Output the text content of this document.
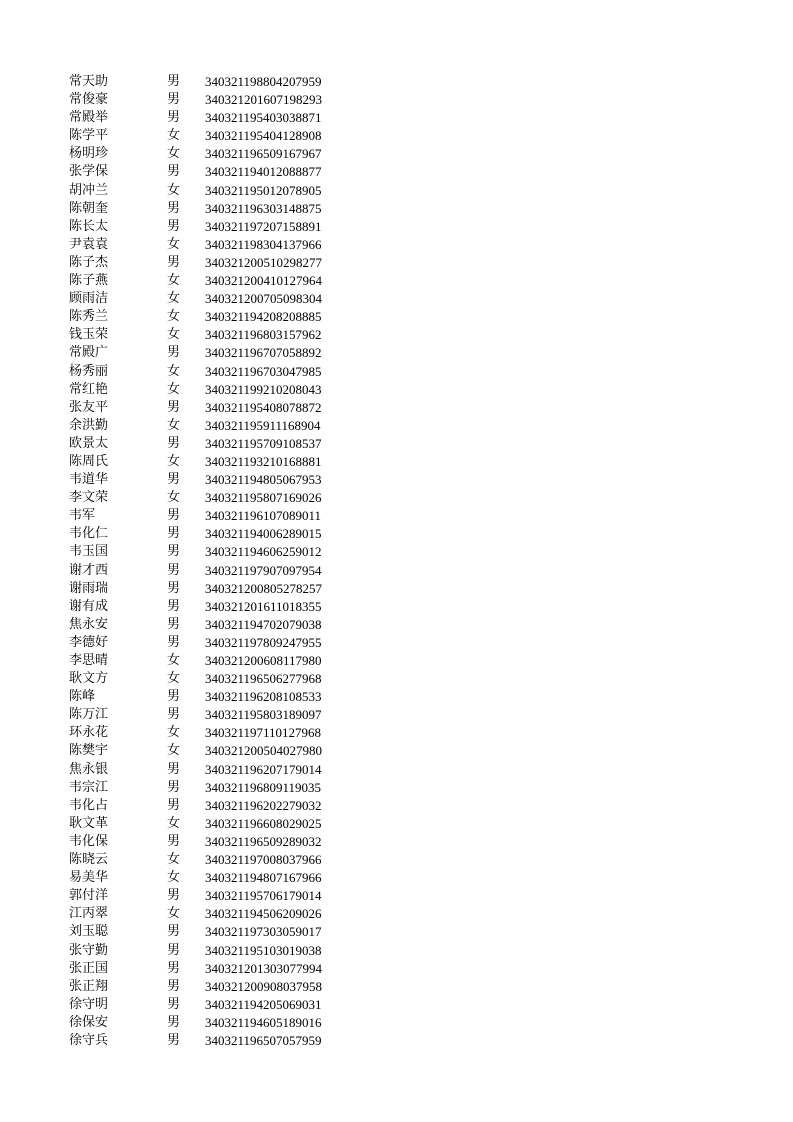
常天助	男 340321198804207959
常俊豪	男 340321201607198293
常殿举	男 340321195403038871
陈学平	女 340321195404128908
杨明珍	女 340321196509167967
张学保	男 340321194012088877
胡冲兰	女 340321195012078905
陈朝奎	男 340321196303148875
陈长太	男 340321197207158891
尹袁袁	女 340321198304137966
陈子杰	男 340321200510298277
陈子燕	女 340321200410127964
顾雨洁	女 340321200705098304
陈秀兰	女 340321194208208885
钱玉荣	女 340321196803157962
常殿广	男 340321196707058892
杨秀丽	女 340321196703047985
常红艳	女 340321199210208043
张友平	男 340321195408078872
余洪勤	女 340321195911168904
欧景太	男 340321195709108537
陈周氏	女 340321193210168881
韦道华	男 340321194805067953
李文荣	女 340321195807169026
韦军	男 340321196107089011
韦化仁	男 340321194006289015
韦玉国	男 340321194606259012
谢才西	男 340321197907097954
谢雨瑞	男 340321200805278257
谢有成	男 340321201611018355
焦永安	男 340321194702079038
李德好	男 340321197809247955
李思晴	女 340321200608117980
耿文方	女 340321196506277968
陈峰	男 340321196208108533
陈万江	男 340321195803189097
环永花	女 340321197110127968
陈樊宇	女 340321200504027980
焦永银	男 340321196207179014
韦宗江	男 340321196809119035
韦化占	男 340321196202279032
耿文革	女 340321196608029025
韦化保	男 340321196509289032
陈晓云	女 340321197008037966
易美华	女 340321194807167966
郭付洋	男 340321195706179014
江丙翠	女 340321194506209026
刘玉聪	男 340321197303059017
张守勤	男 340321195103019038
张正国	男 340321201303077994
张正翔	男 340321200908037958
徐守明	男 340321194205069031
徐保安	男 340321194605189016
徐守兵	男 340321196507057959
